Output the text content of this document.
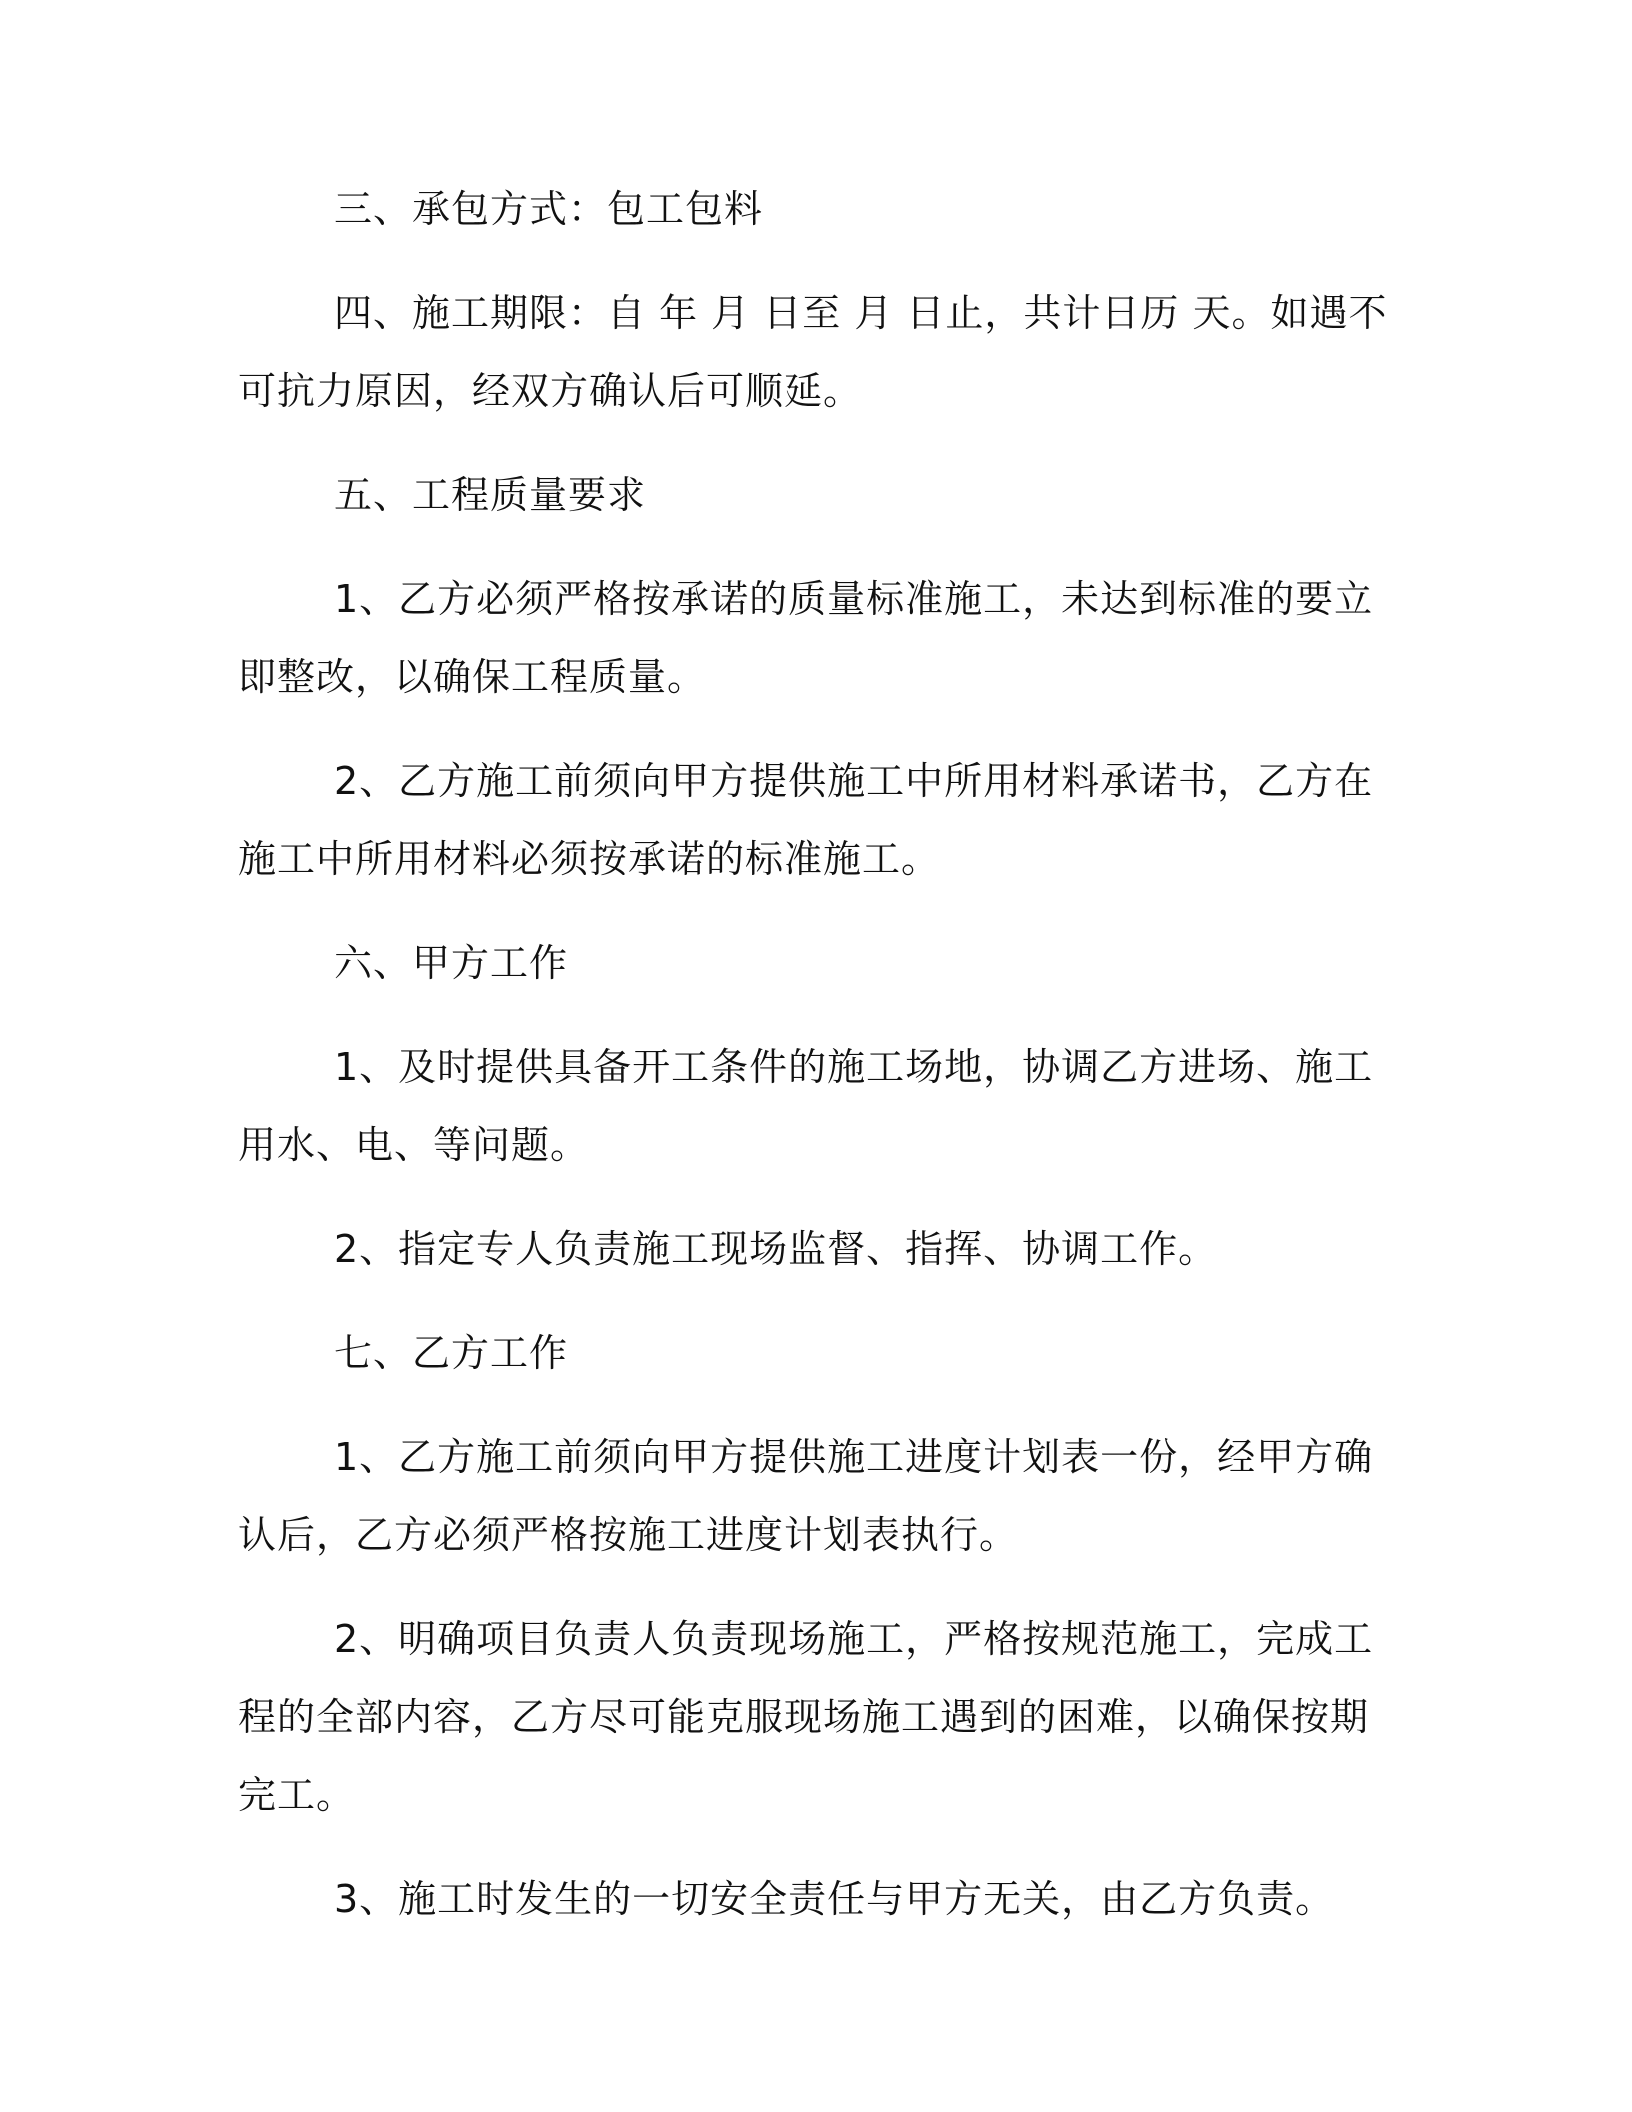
三、承包方式：包工包料

四、施工期限：自 年 月 日至 月 日止，共计日历 天。如遇不可抗力原因，经双方确认后可顺延。

五、工程质量要求

1、乙方必须严格按承诺的质量标准施工，未达到标准的要立即整改，以确保工程质量。

2、乙方施工前须向甲方提供施工中所用材料承诺书，乙方在施工中所用材料必须按承诺的标准施工。

六、甲方工作

1、及时提供具备开工条件的施工场地，协调乙方进场、施工用水、电、等问题。

2、指定专人负责施工现场监督、指挥、协调工作。

七、乙方工作

1、乙方施工前须向甲方提供施工进度计划表一份，经甲方确认后，乙方必须严格按施工进度计划表执行。

2、明确项目负责人负责现场施工，严格按规范施工，完成工程的全部内容，乙方尽可能克服现场施工遇到的困难，以确保按期完工。

3、施工时发生的一切安全责任与甲方无关，由乙方负责。
